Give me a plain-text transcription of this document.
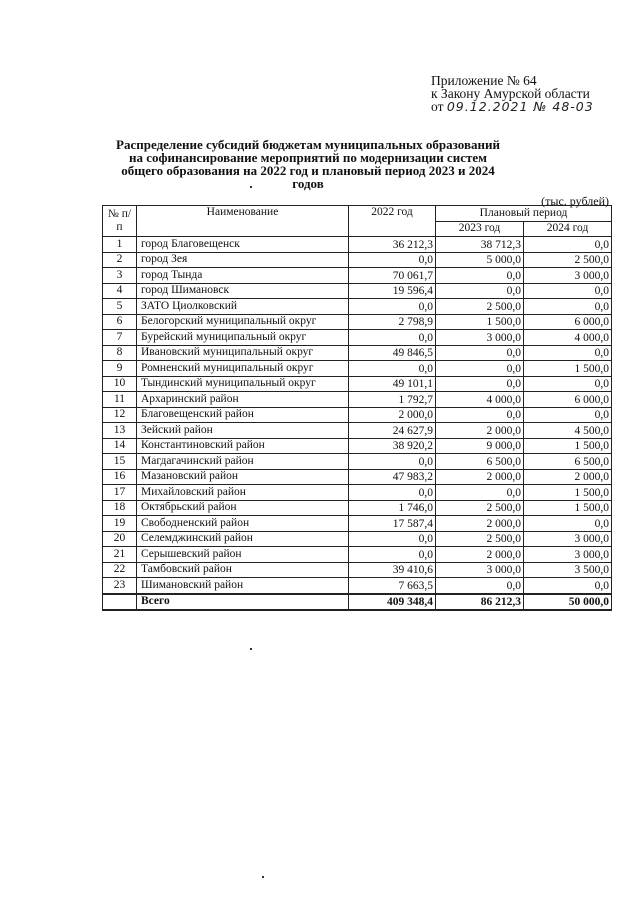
Приложение № 64
к Закону Амурской области
от 09.12.2021 № 48-03
Распределение субсидий бюджетам муниципальных образований на софинансирование мероприятий по модернизации систем общего образования на 2022 год и плановый период 2023 и 2024 годов
(тыс. рублей)
№ п/п	Наименование	2022 год	Плановый период	
			2023 год	2024 год
1	город Благовещенск	36 212,3	38 712,3	0,0
2	город Зея	0,0	5 000,0	2 500,0
3	город Тында	70 061,7	0,0	3 000,0
4	город Шимановск	19 596,4	0,0	0,0
5	ЗАТО Циолковский	0,0	2 500,0	0,0
6	Белогорский муниципальный округ	2 798,9	1 500,0	6 000,0
7	Бурейский муниципальный округ	0,0	3 000,0	4 000,0
8	Ивановский муниципальный округ	49 846,5	0,0	0,0
9	Ромненский муниципальный округ	0,0	0,0	1 500,0
10	Тындинский муниципальный округ	49 101,1	0,0	0,0
11	Архаринский район	1 792,7	4 000,0	6 000,0
12	Благовещенский район	2 000,0	0,0	0,0
13	Зейский район	24 627,9	2 000,0	4 500,0
14	Константиновский район	38 920,2	9 000,0	1 500,0
15	Магдагачинский район	0,0	6 500,0	6 500,0
16	Мазановский район	47 983,2	2 000,0	2 000,0
17	Михайловский район	0,0	0,0	1 500,0
18	Октябрьский район	1 746,0	2 500,0	1 500,0
19	Свободненский район	17 587,4	2 000,0	0,0
20	Селемджинский район	0,0	2 500,0	3 000,0
21	Серышевский район	0,0	2 000,0	3 000,0
22	Тамбовский район	39 410,6	3 000,0	3 500,0
23	Шимановский район	7 663,5	0,0	0,0
	Всего	409 348,4	86 212,3	50 000,0
